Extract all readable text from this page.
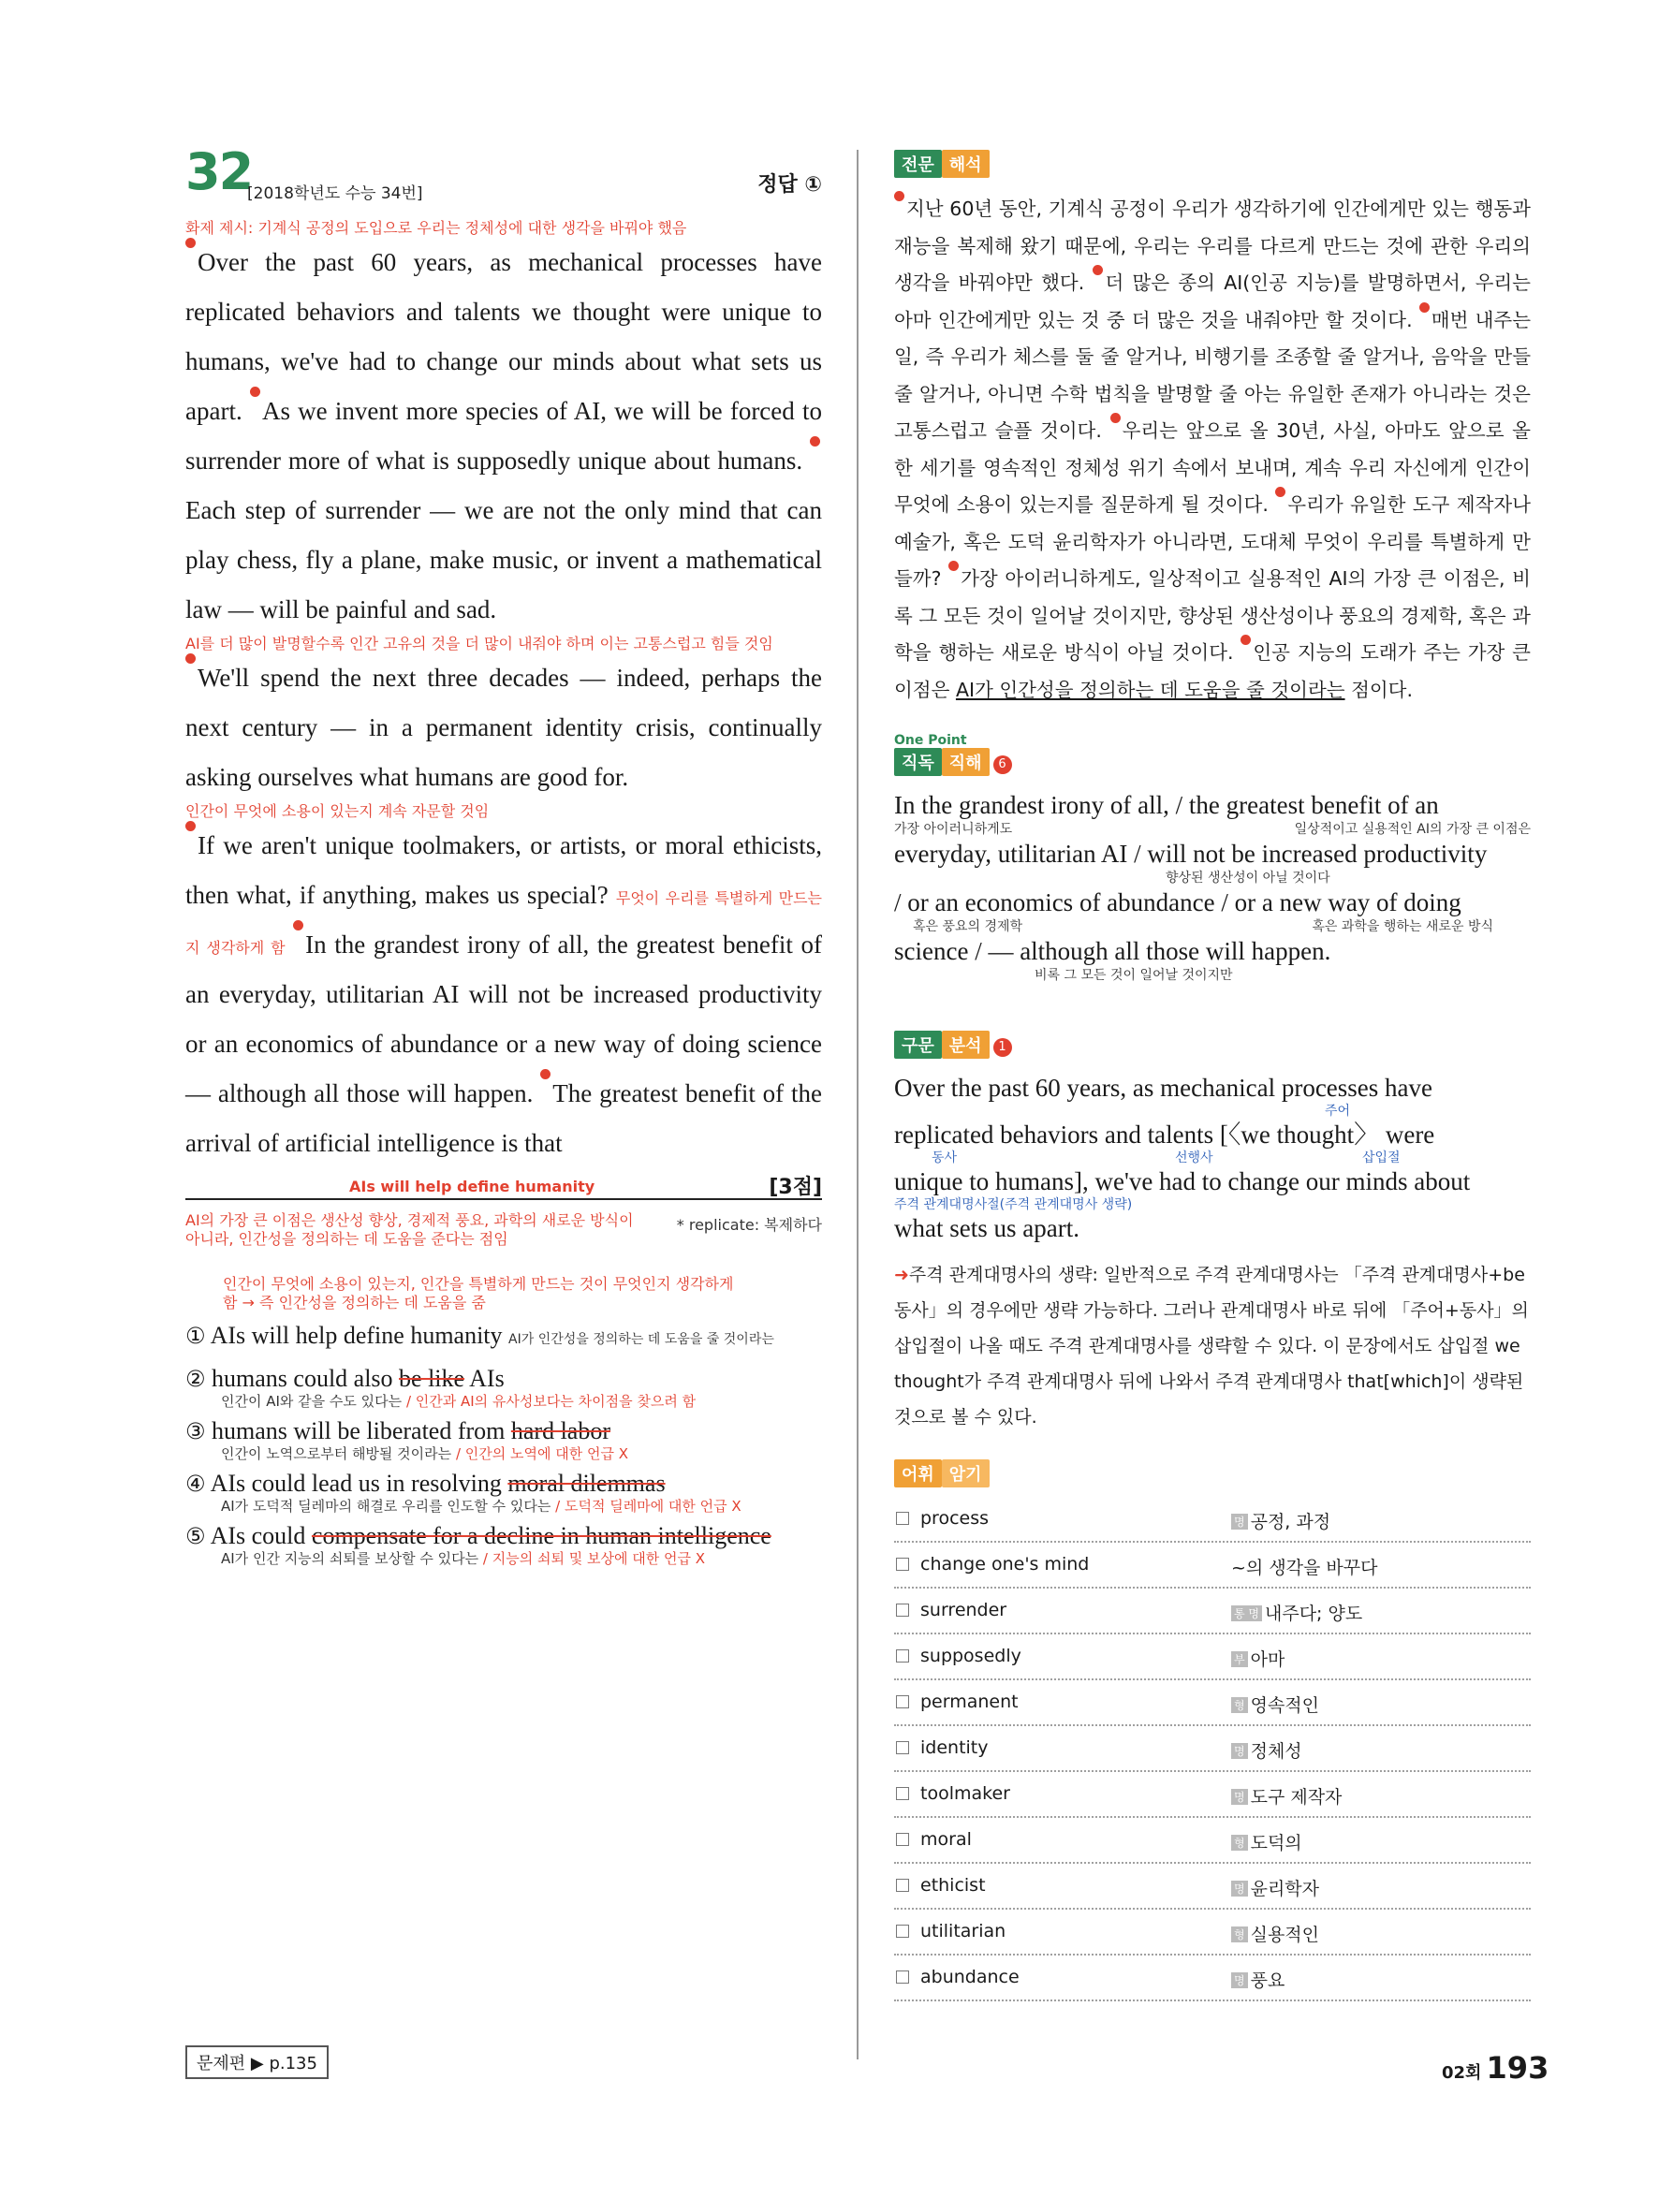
32
[2018학년도 수능 34번]	정답 ①
화제 제시: 기계식 공정의 도입으로 우리는 정체성에 대한 생각을 바꿔야 했음

Over the past 60 years, as mechanical processes have replicated behaviors and talents we thought were unique to humans, we've had to change our minds about what sets us apart. As we invent more species of AI, we will be forced to surrender more of what is supposedly unique about humans. Each step of surrender — we are not the only mind that can play chess, fly a plane, make music, or invent a mathematical law — will be painful and sad.

AI를 더 많이 발명할수록 인간 고유의 것을 더 많이 내줘야 하며 이는 고통스럽고 힘들 것임

We'll spend the next three decades — indeed, perhaps the next century — in a permanent identity crisis, continually asking ourselves what humans are good for.

인간이 무엇에 소용이 있는지 계속 자문할 것임

If we aren't unique toolmakers, or artists, or moral ethicists, then what, if anything, makes us special? 무엇이 우리를 특별하게 만드는지 생각하게 함 In the grandest irony of all, the greatest benefit of an everyday, utilitarian AI will not be increased productivity or an economics of abundance or a new way of doing science — although all those will happen. The greatest benefit of the arrival of artificial intelligence is that

AIs will help define humanity	[3점]
AI의 가장 큰 이점은 생산성 향상, 경제적 풍요, 과학의 새로운 방식이 아니라, 인간성을 정의하는 데 도움을 준다는 점임
* replicate: 복제하다
인간이 무엇에 소용이 있는지, 인간을 특별하게 만드는 것이 무엇인지 생각하게 함 → 즉 인간성을 정의하는 데 도움을 줌
① AIs will help define humanity AI가 인간성을 정의하는 데 도움을 줄 것이라는
② humans could also be like AIs
인간이 AI와 같을 수도 있다는 / 인간과 AI의 유사성보다는 차이점을 찾으려 함
③ humans will be liberated from hard labor
인간이 노역으로부터 해방될 것이라는 / 인간의 노역에 대한 언급 X
④ AIs could lead us in resolving moral dilemmas
AI가 도덕적 딜레마의 해결로 우리를 인도할 수 있다는 / 도덕적 딜레마에 대한 언급 X
⑤ AIs could compensate for a decline in human intelligence
AI가 인간 지능의 쇠퇴를 보상할 수 있다는 / 지능의 쇠퇴 및 보상에 대한 언급 X
전문 해석
지난 60년 동안, 기계식 공정이 우리가 생각하기에 인간에게만 있는 행동과 재능을 복제해 왔기 때문에, 우리는 우리를 다르게 만드는 것에 관한 우리의 생각을 바꿔야만 했다. 더 많은 종의 AI(인공 지능)를 발명하면서, 우리는 아마 인간에게만 있는 것 중 더 많은 것을 내줘야만 할 것이다. 매번 내주는 일, 즉 우리가 체스를 둘 줄 알거나, 비행기를 조종할 줄 알거나, 음악을 만들 줄 알거나, 아니면 수학 법칙을 발명할 줄 아는 유일한 존재가 아니라는 것은 고통스럽고 슬플 것이다. 우리는 앞으로 올 30년, 사실, 아마도 앞으로 올 한 세기를 영속적인 정체성 위기 속에서 보내며, 계속 우리 자신에게 인간이 무엇에 소용이 있는지를 질문하게 될 것이다. 우리가 유일한 도구 제작자나 예술가, 혹은 도덕 윤리학자가 아니라면, 도대체 무엇이 우리를 특별하게 만들까? 가장 아이러니하게도, 일상적이고 실용적인 AI의 가장 큰 이점은, 비록 그 모든 것이 일어날 것이지만, 향상된 생산성이나 풍요의 경제학, 혹은 과학을 행하는 새로운 방식이 아닐 것이다. 인공 지능의 도래가 주는 가장 큰 이점은 AI가 인간성을 정의하는 데 도움을 줄 것이라는 점이다.
One Point
직독 직해 6
In the grandest irony of all, / the greatest benefit of an
가장 아이러니하게도	일상적이고 실용적인 AI의 가장 큰 이점은
everyday, utilitarian AI / will not be increased productivity
향상된 생산성이 아닐 것이다
/ or an economics of abundance / or a new way of doing
혹은 풍요의 경제학	혹은 과학을 행하는 새로운 방식
science / — although all those will happen.
비록 그 모든 것이 일어날 것이지만
구문 분석 1
Over the past 60 years, as mechanical processes have
주어
replicated behaviors and talents [〈we thought〉 were
동사	선행사	삽입절
unique to humans], we've had to change our minds about
주격 관계대명사절(주격 관계대명사 생략)
what sets us apart.
➜주격 관계대명사의 생략: 일반적으로 주격 관계대명사는 「주격 관계대명사+be동사」의 경우에만 생략 가능하다. 그러나 관계대명사 바로 뒤에 「주어+동사」의 삽입절이 나올 때도 주격 관계대명사를 생략할 수 있다. 이 문장에서도 삽입절 we thought가 주격 관계대명사 뒤에 나와서 주격 관계대명사 that[which]이 생략된 것으로 볼 수 있다.
어휘 암기
process	명 공정, 과정
change one's mind	~의 생각을 바꾸다
surrender	통 명 내주다; 양도
supposedly	부 아마
permanent	형 영속적인
identity	명 정체성
toolmaker	명 도구 제작자
moral	형 도덕의
ethicist	명 윤리학자
utilitarian	형 실용적인
abundance	명 풍요
문제편 ▶ p.135	02회 193
